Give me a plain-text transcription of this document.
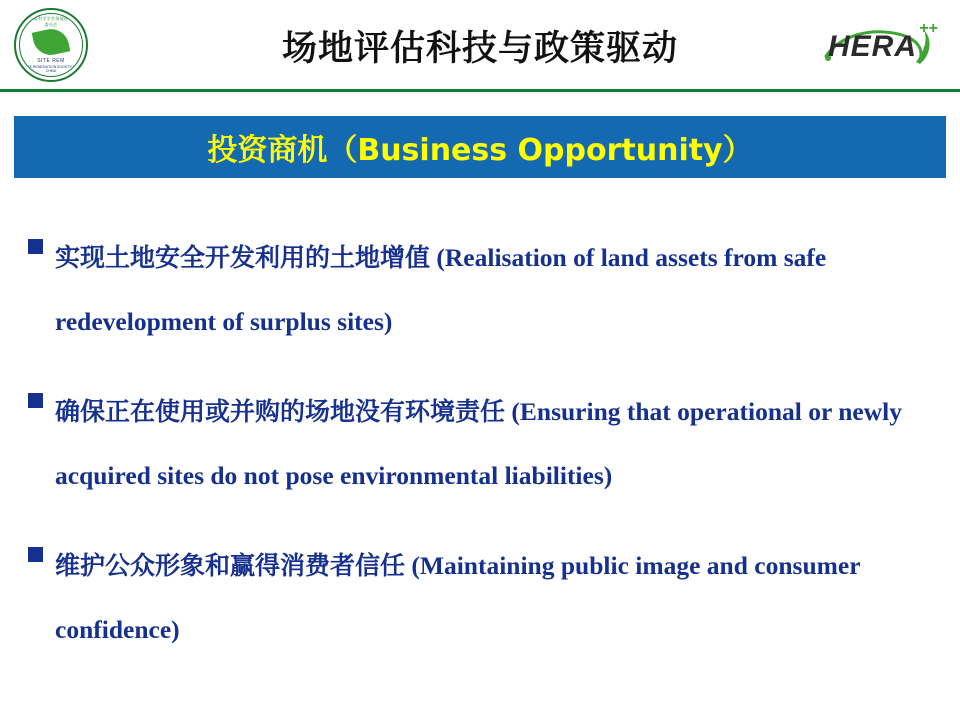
中国环境科学学会场地环境专业委员会
SITE REM
SITE REMEDIATION SOCIETY OF CHINA
场地评估科技与政策驱动	HERA
++
投资商机（Business Opportunity）
实现土地安全开发利用的土地增值 (Realisation of land assets from safe redevelopment of surplus sites)
确保正在使用或并购的场地没有环境责任 (Ensuring that operational or newly acquired sites do not pose environmental liabilities)
维护公众形象和赢得消费者信任 (Maintaining public image and consumer confidence)
